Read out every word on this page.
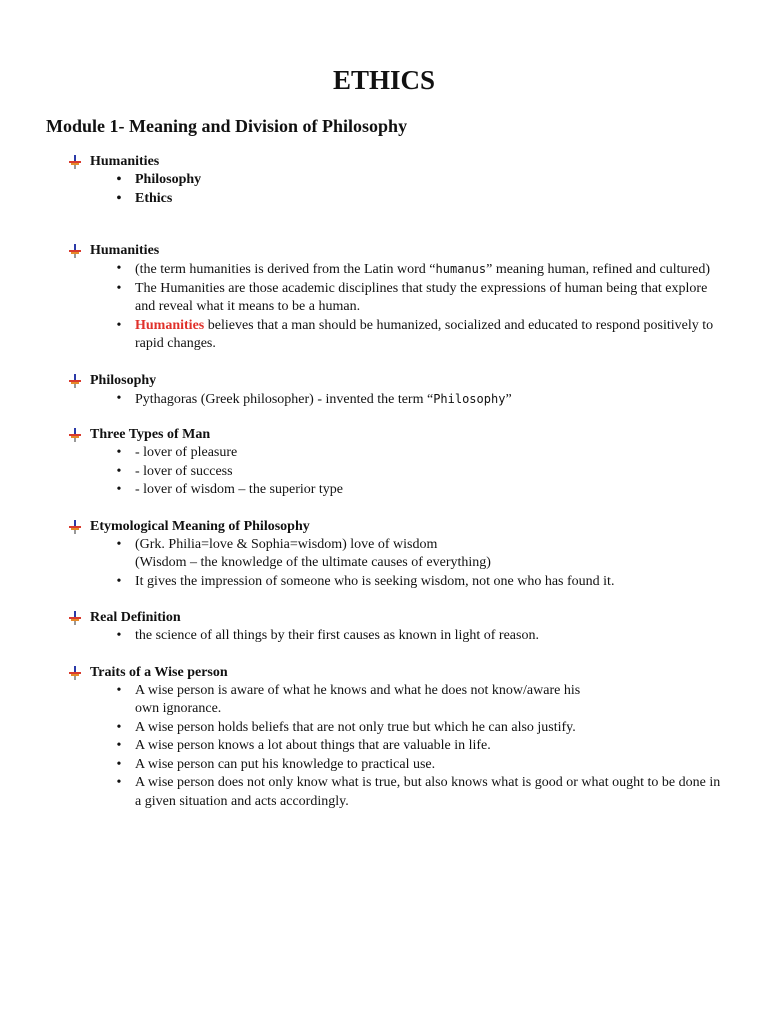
ETHICS
Module 1- Meaning and Division of Philosophy
Humanities
• Philosophy
• Ethics
Humanities
• (the term humanities is derived from the Latin word “humanus” meaning human, refined and cultured)
• The Humanities are those academic disciplines that study the expressions of human being that explore and reveal what it means to be a human.
• Humanities believes that a man should be humanized, socialized and educated to respond positively to rapid changes.
Philosophy
• Pythagoras (Greek philosopher) - invented the term “Philosophy”
Three Types of Man
• - lover of pleasure
• - lover of success
• - lover of wisdom – the superior type
Etymological Meaning of Philosophy
• (Grk. Philia=love & Sophia=wisdom) love of wisdom
(Wisdom – the knowledge of the ultimate causes of everything)
• It gives the impression of someone who is seeking wisdom, not one who has found it.
Real Definition
• the science of all things by their first causes as known in light of reason.
Traits of a Wise person
• A wise person is aware of what he knows and what he does not know/aware his
own ignorance.
• A wise person holds beliefs that are not only true but which he can also justify.
• A wise person knows a lot about things that are valuable in life.
• A wise person can put his knowledge to practical use.
• A wise person does not only know what is true, but also knows what is good or what ought to be done in a given situation and acts accordingly.
